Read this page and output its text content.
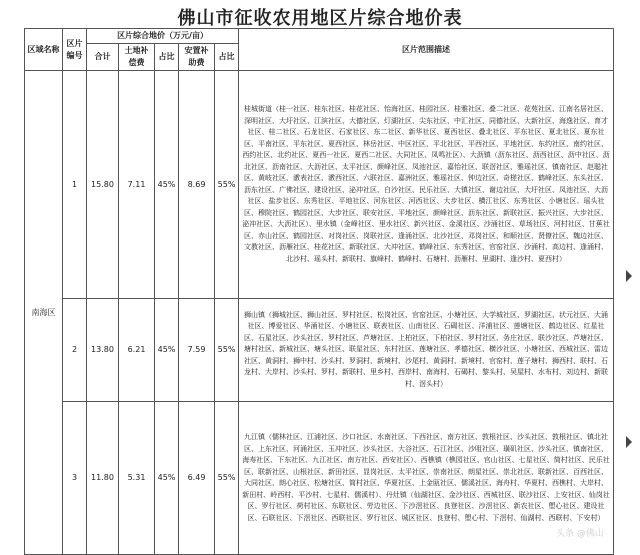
佛山市征收农用地区片综合地价表
区域名称	区片编号	区片综合地价（万元/亩）					区片范围描述
		合计	土地补偿费	占比	安置补助费	占比	
南海区	1	15.80	7.11	45%	8.69	55%	桂城街道（桂一社区、桂东社区、桂花社区、怡海社区、桂园社区、桂雅社区、叠二社区、花苑社区、江南名居社区、深明社区、大圩社区、江滨社区、大德社区、灯湖社区、尖东社区、中汇社区、同德社区、大新社区、海逸社区、育才社区、桂二社区、石龙社区、石家社区、东二社区、新华社区、夏西社区、叠北社区、平东社区、夏北社区、夏东社区、平南社区、平东社区、夏西社区、林岳社区、中区社区、平北社区、平西社区、平地社区、东约社区、南约社区、西约社区、北约社区、夏西一社区、夏西二社区、大同社区、凤鸣社区）、大沥镇（沥东社区、沥西社区、沥中社区、沥北社区、沥南社区、大沥社区、太平社区、颜峰社区、凤池社区、嘉怡社区、联滘社区、雅瑶社区、镇南社区、赵聪社区、黄岐社区、漖表社区、漖西社区、六联社区、嘉洲社区、雅瑶社区、钟边社区、奇槎社区、鹤峰社区、东头社区、沥东社区、广佛社区、建设社区、泌冲社区、白沙社区、民乐社区、大镇社区、谢边社区、大圩社区、凤池社区、大沥社区、盐步社区、东秀社区、平地社区、河东社区、河西社区、大步社区、横江社区、东秀社区、小塘社区、瑶头社区、穆院社区、鹤园社区、大步社区、联安社区、平地社区、颜峰社区、沥东社区、新联社区、振兴社区、大步社区、泌冲社区、大沥社区）、里水镇（金峰社区、里水社区、新兴社区、金溪社区、沙涌社区、草场社区、河村社区、甘蕉社区、赤山社区、鹤园社区、对岗社区、岗联社区、逢涌社区、北沙社区、邓岗社区、和顺社区、贤僚社区、魏边社区、文教社区、沥雁社区、桂花社区、新联社区、大冲社区、鹤峰社区、东秀社区、官窑社区、沙涌村、高边村、逢涌村、北沙村、瑶头村、新联村、旗峰村、鹤峰村、石塘村、沥雁村、里湖村、逢沙村、夏西村）
	2	13.80	6.21	45%	7.59	55%	狮山镇（狮城社区、狮山社区、罗村社区、松岗社区、官窑社区、小塘社区、大学城社区、罗湖社区、状元社区、大涌社区、博爱社区、华涌社区、小塘社区、联表社区、山南社区、石碣社区、洋浦社区、莲塘社区、鹤边社区、红星社区、石星社区、沙头社区、罗村社区、芦塘社区、上柏社区、下柏社区、罗村社区、务庄社区、联沙社区、芦塘社区、塘村社区、新城社区、塘头社区、联星社区、东村社区、莲塘社区、孝德社区、横沙社区、小塘社区、西城社区、雷边社区、黄洞村、狮中村、沙头村、罗洞村、新境村、沙尾村、黄洞村、新境村、官窑村、莲子塘村、狮西村、联村、石龙村、大岸村、沙头村、罗村、新联村、里乡村、西岸村、南海村、石碣村、黎头村、吴屋村、水布村、刘边村、新联村、滘头村）
	3	11.80	5.31	45%	6.49	55%	九江镇（儒林社区、江浦社区、沙口社区、水南社区、下西社区、南方社区、敦根社区、沙头社区、敦根社区、镇北社区、上东社区、河涌社区、玉冲社区、沙头社区、大谷社区、石江社区、沙咀社区、璜矶社区、沙头社区、镇南社区、海寿社区、下东社区、九江社区、南方社区、西安社区）、西樵镇（樵园社区、官山社区、七星社区、简村社区、民乐社区、联新社区、山根社区、新田社区、显岗社区、太平社区、崇南社区、朗星社区、崇北社区、联新社区、百西社区、大同社区、朗心社区、松塘社区、简村社区、华夏社区、上金瓯社区、儒溪社区、海舟村、华夏村、西樵村、大岸村、新田村、岭西村、平沙村、七星村、儒溪村）、丹灶镇（仙湖社区、金沙社区、西城社区、联沙社区、上安社区、仙岗社区、罗行社区、荷村社区、东联社区、劳边社区、下沙滘社区、良登社区、沙滘社区、新农社区、塱心社区、建设社区、石联社区、下滘社区、西联社区、罗行社区、城区社区、良登村、塱心村、下滘村、仙湖村、西联村、下安村）
头条 @佛山
